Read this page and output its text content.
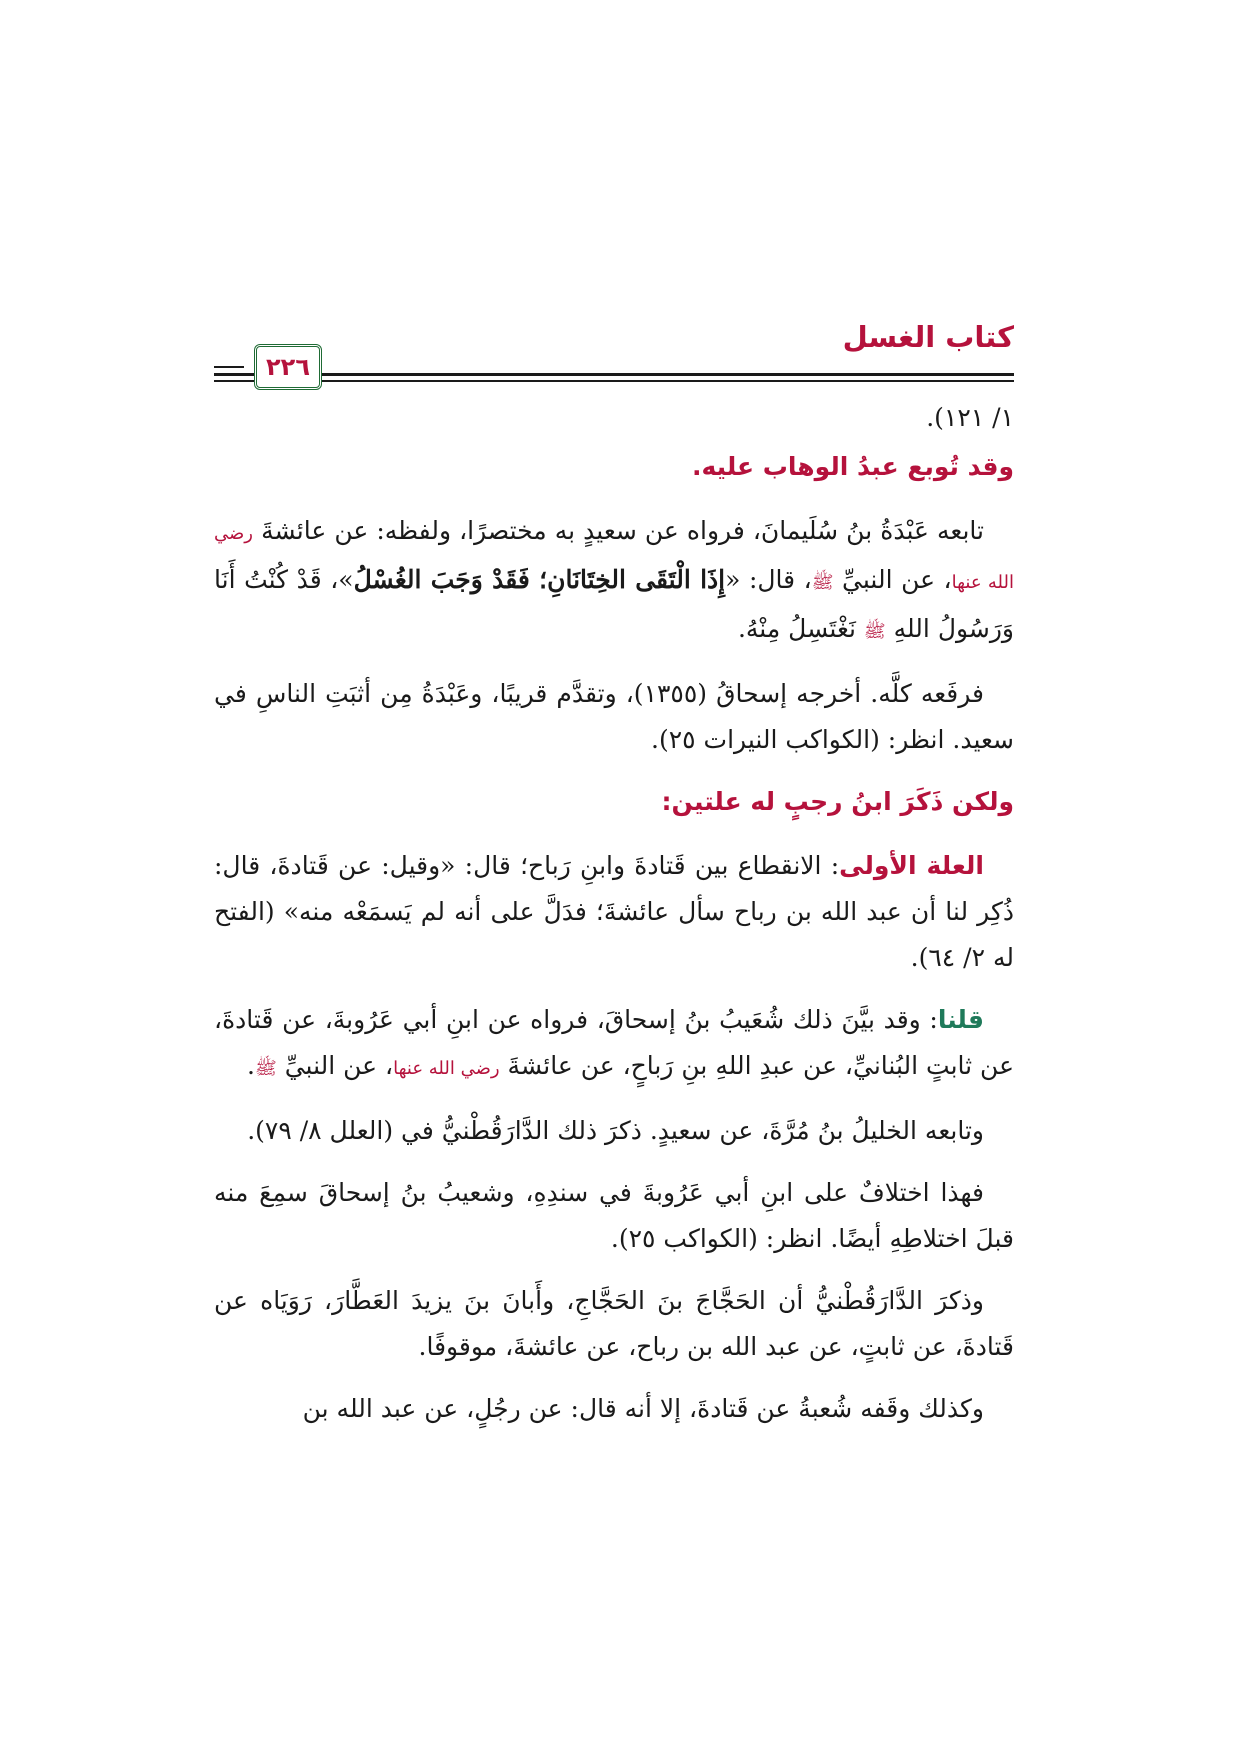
كتاب الغسل
٢٢٦

١/ ١٢١).

وقد تُوبع عبدُ الوهاب عليه.

تابعه عَبْدَةُ بنُ سُلَيمانَ، فرواه عن سعيدٍ به مختصرًا، ولفظه: عن عائشةَ رضي الله عنها، عن النبيِّ ﷺ، قال: «إِذَا الْتَقَى الخِتَانَانِ؛ فَقَدْ وَجَبَ الغُسْلُ»، قَدْ كُنْتُ أَنَا وَرَسُولُ اللهِ ﷺ نَغْتَسِلُ مِنْهُ.

فرفَعه كلَّه. أخرجه إسحاقُ (١٣٥٥)، وتقدَّم قريبًا، وعَبْدَةُ مِن أثبَتِ الناسِ في سعيد. انظر: (الكواكب النيرات ٢٥).

ولكن ذَكَرَ ابنُ رجبٍ له علتين:

العلة الأولى: الانقطاع بين قَتادةَ وابنِ رَباح؛ قال: «وقيل: عن قَتادةَ، قال: ذُكِر لنا أن عبد الله بن رباح سأل عائشةَ؛ فدَلَّ على أنه لم يَسمَعْه منه» (الفتح له ٢/ ٦٤).

قلنا: وقد بيَّنَ ذلك شُعَيبُ بنُ إسحاقَ، فرواه عن ابنِ أبي عَرُوبةَ، عن قَتادةَ، عن ثابتٍ البُنانيِّ، عن عبدِ اللهِ بنِ رَباحٍ، عن عائشةَ رضي الله عنها، عن النبيِّ ﷺ.

وتابعه الخليلُ بنُ مُرَّةَ، عن سعيدٍ. ذكرَ ذلك الدَّارَقُطْنيُّ في (العلل ٨/ ٧٩).

فهذا اختلافٌ على ابنِ أبي عَرُوبةَ في سندِهِ، وشعيبُ بنُ إسحاقَ سمِعَ منه قبلَ اختلاطِهِ أيضًا. انظر: (الكواكب ٢٥).

وذكرَ الدَّارَقُطْنيُّ أن الحَجَّاجَ بنَ الحَجَّاجِ، وأَبانَ بنَ يزيدَ العَطَّارَ، رَوَيَاه عن قَتادةَ، عن ثابتٍ، عن عبد الله بن رباح، عن عائشةَ، موقوفًا.

وكذلك وقَفه شُعبةُ عن قَتادةَ، إلا أنه قال: عن رجُلٍ، عن عبد الله بن
